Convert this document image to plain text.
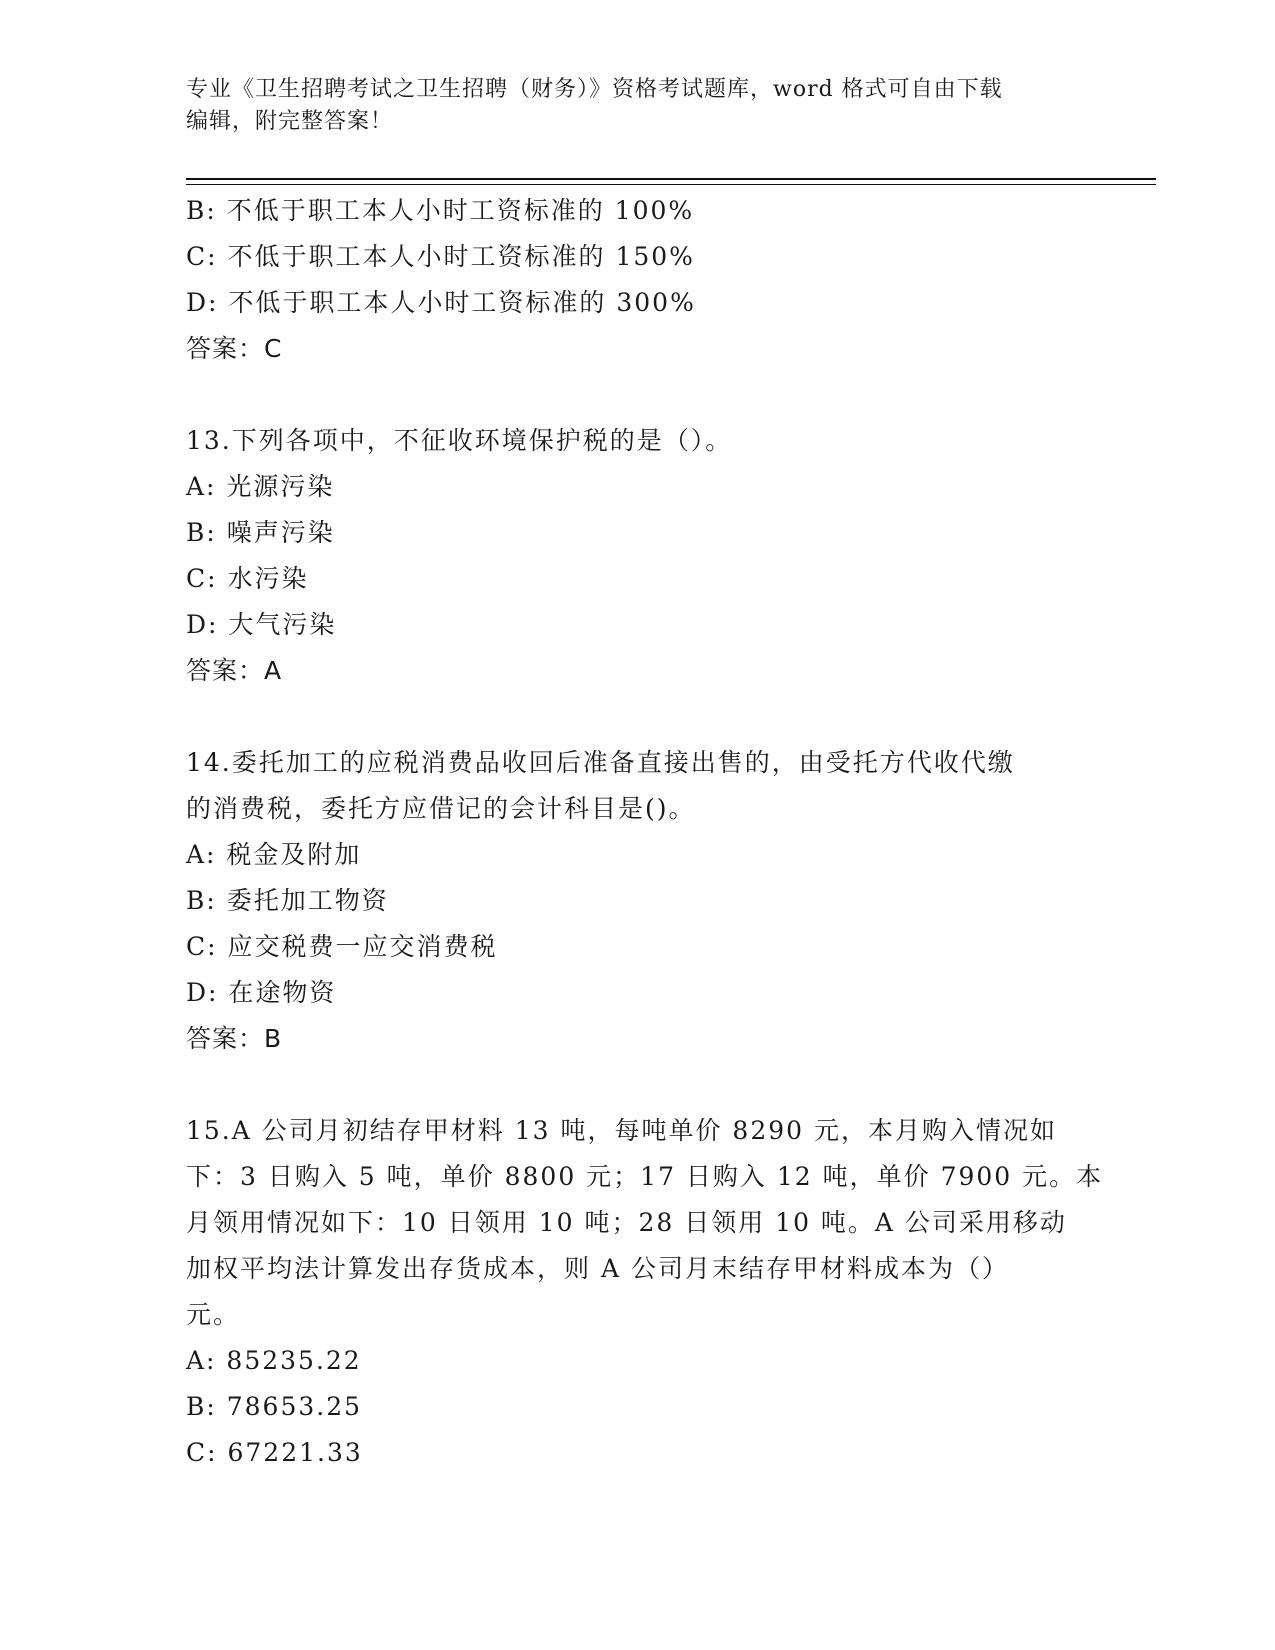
专业《卫生招聘考试之卫生招聘（财务）》资格考试题库，word 格式可自由下载
编辑，附完整答案！
B: 不低于职工本人小时工资标准的 100%
C: 不低于职工本人小时工资标准的 150%
D: 不低于职工本人小时工资标准的 300%
答案：C
13.下列各项中，不征收环境保护税的是（）。
A: 光源污染
B: 噪声污染
C: 水污染
D: 大气污染
答案：A
14.委托加工的应税消费品收回后准备直接出售的，由受托方代收代缴
的消费税，委托方应借记的会计科目是()。
A: 税金及附加
B: 委托加工物资
C: 应交税费一应交消费税
D: 在途物资
答案：B
15.A 公司月初结存甲材料 13 吨，每吨单价 8290 元，本月购入情况如
下：3 日购入 5 吨，单价 8800 元；17 日购入 12 吨，单价 7900 元。本
月领用情况如下：10 日领用 10 吨；28 日领用 10 吨。A 公司采用移动
加权平均法计算发出存货成本，则 A 公司月末结存甲材料成本为（）
元。
A: 85235.22
B: 78653.25
C: 67221.33
